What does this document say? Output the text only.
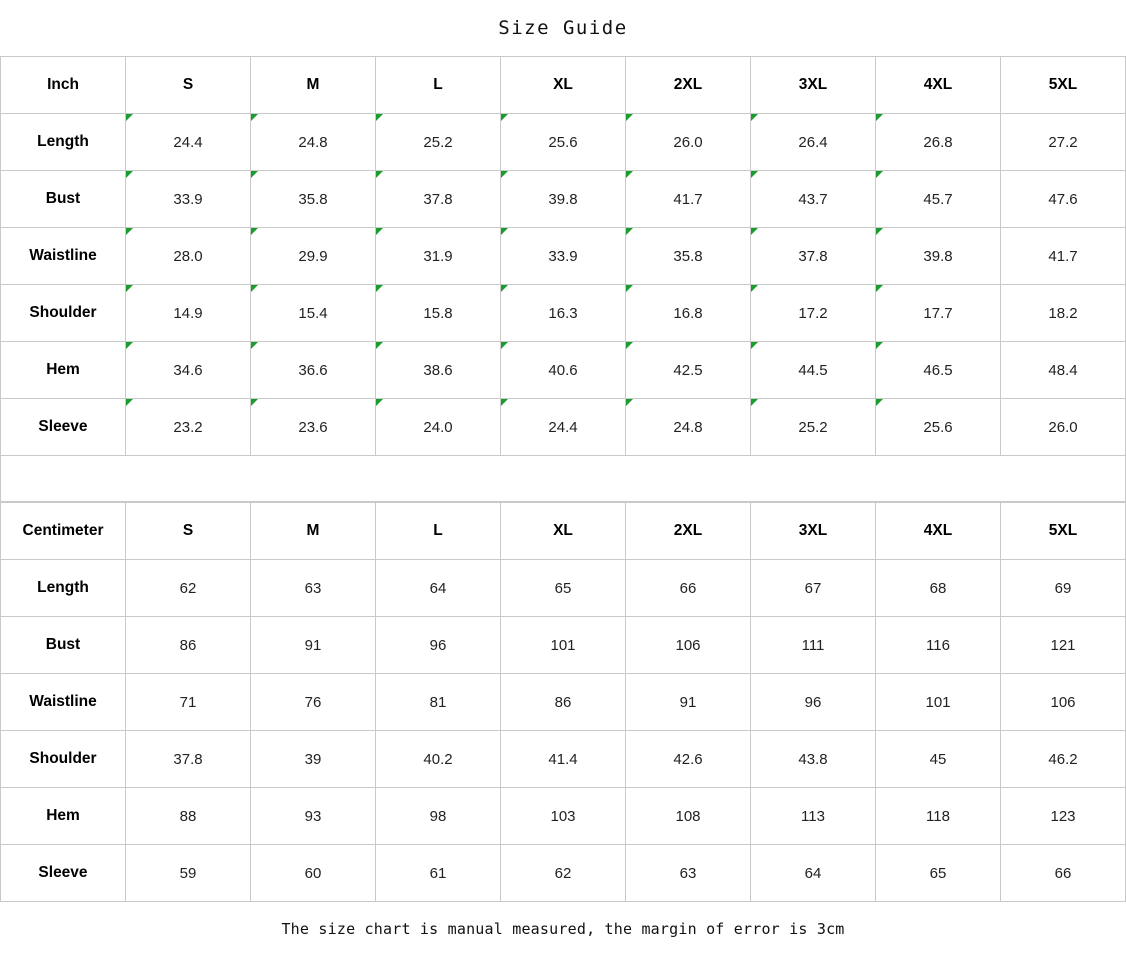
Size Guide
Inch	S	M	L	XL	2XL	3XL	4XL	5XL
Length	24.4	24.8	25.2	25.6	26.0	26.4	26.8	27.2
Bust	33.9	35.8	37.8	39.8	41.7	43.7	45.7	47.6
Waistline	28.0	29.9	31.9	33.9	35.8	37.8	39.8	41.7
Shoulder	14.9	15.4	15.8	16.3	16.8	17.2	17.7	18.2
Hem	34.6	36.6	38.6	40.6	42.5	44.5	46.5	48.4
Sleeve	23.2	23.6	24.0	24.4	24.8	25.2	25.6	26.0
Centimeter	S	M	L	XL	2XL	3XL	4XL	5XL
Length	62	63	64	65	66	67	68	69
Bust	86	91	96	101	106	111	116	121
Waistline	71	76	81	86	91	96	101	106
Shoulder	37.8	39	40.2	41.4	42.6	43.8	45	46.2
Hem	88	93	98	103	108	113	118	123
Sleeve	59	60	61	62	63	64	65	66
The size chart is manual measured, the margin of error is 3cm
